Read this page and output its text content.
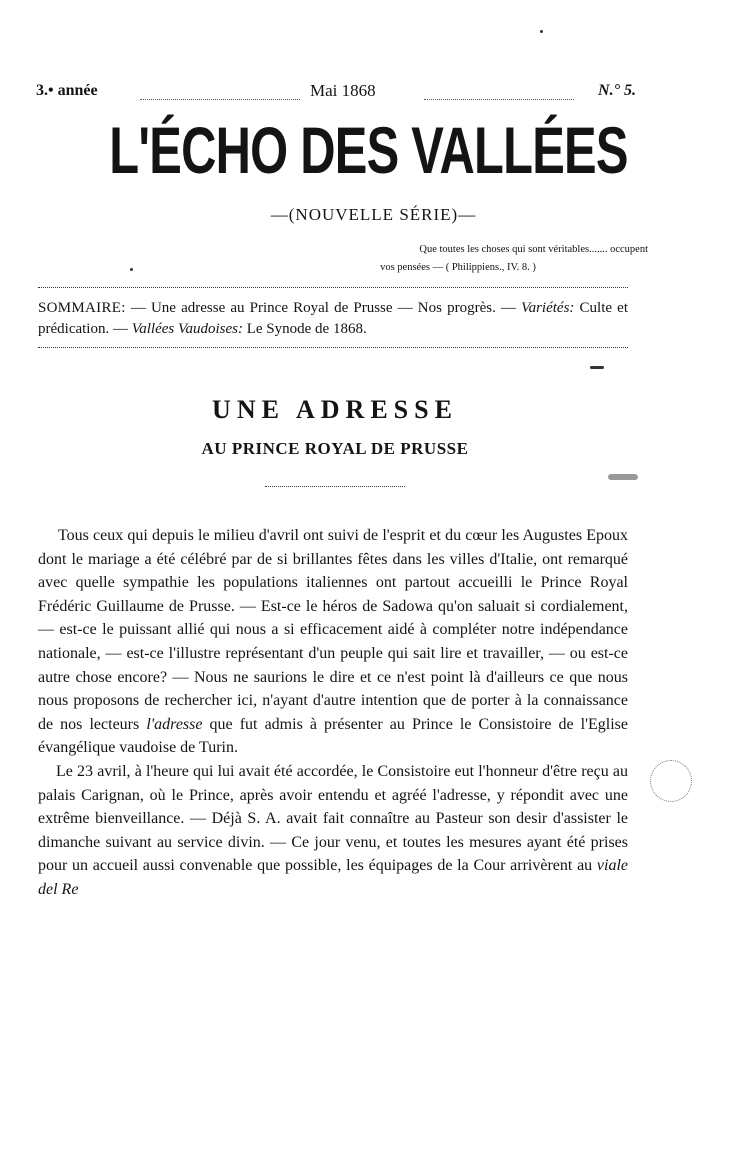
3.• année	Mai 1868	N.° 5.
L'ÉCHO DES VALLÉES
—(NOUVELLE SÉRIE)—
Que toutes les choses qui sont véritables....... occupent
vos pensées — ( Philippiens., IV. 8. )
SOMMAIRE: — Une adresse au Prince Royal de Prusse — Nos progrès. — Variétés: Culte et prédication. — Vallées Vaudoises: Le Synode de 1868.
UNE ADRESSE
AU PRINCE ROYAL DE PRUSSE

Tous ceux qui depuis le milieu d'avril ont suivi de l'esprit et du cœur les Augustes Epoux dont le mariage a été célébré par de si brillantes fêtes dans les villes d'Italie, ont remarqué avec quelle sympathie les populations italiennes ont partout accueilli le Prince Royal Frédéric Guillaume de Prusse. — Est-ce le héros de Sadowa qu'on saluait si cordialement, — est-ce le puissant allié qui nous a si efficacement aidé à compléter notre indépendance nationale, — est-ce l'illustre représentant d'un peuple qui sait lire et travailler, — ou est-ce autre chose encore? — Nous ne saurions le dire et ce n'est point là d'ailleurs ce que nous nous proposons de rechercher ici, n'ayant d'autre intention que de porter à la connaissance de nos lecteurs l'adresse que fut admis à présenter au Prince le Consistoire de l'Eglise évangélique vaudoise de Turin.

Le 23 avril, à l'heure qui lui avait été accordée, le Consistoire eut l'honneur d'être reçu au palais Carignan, où le Prince, après avoir entendu et agréé l'adresse, y répondit avec une extrême bienveillance. — Déjà S. A. avait fait connaître au Pasteur son desir d'assister le dimanche suivant au service divin. — Ce jour venu, et toutes les mesures ayant été prises pour un accueil aussi convenable que possible, les équipages de la Cour arrivèrent au viale del Re
